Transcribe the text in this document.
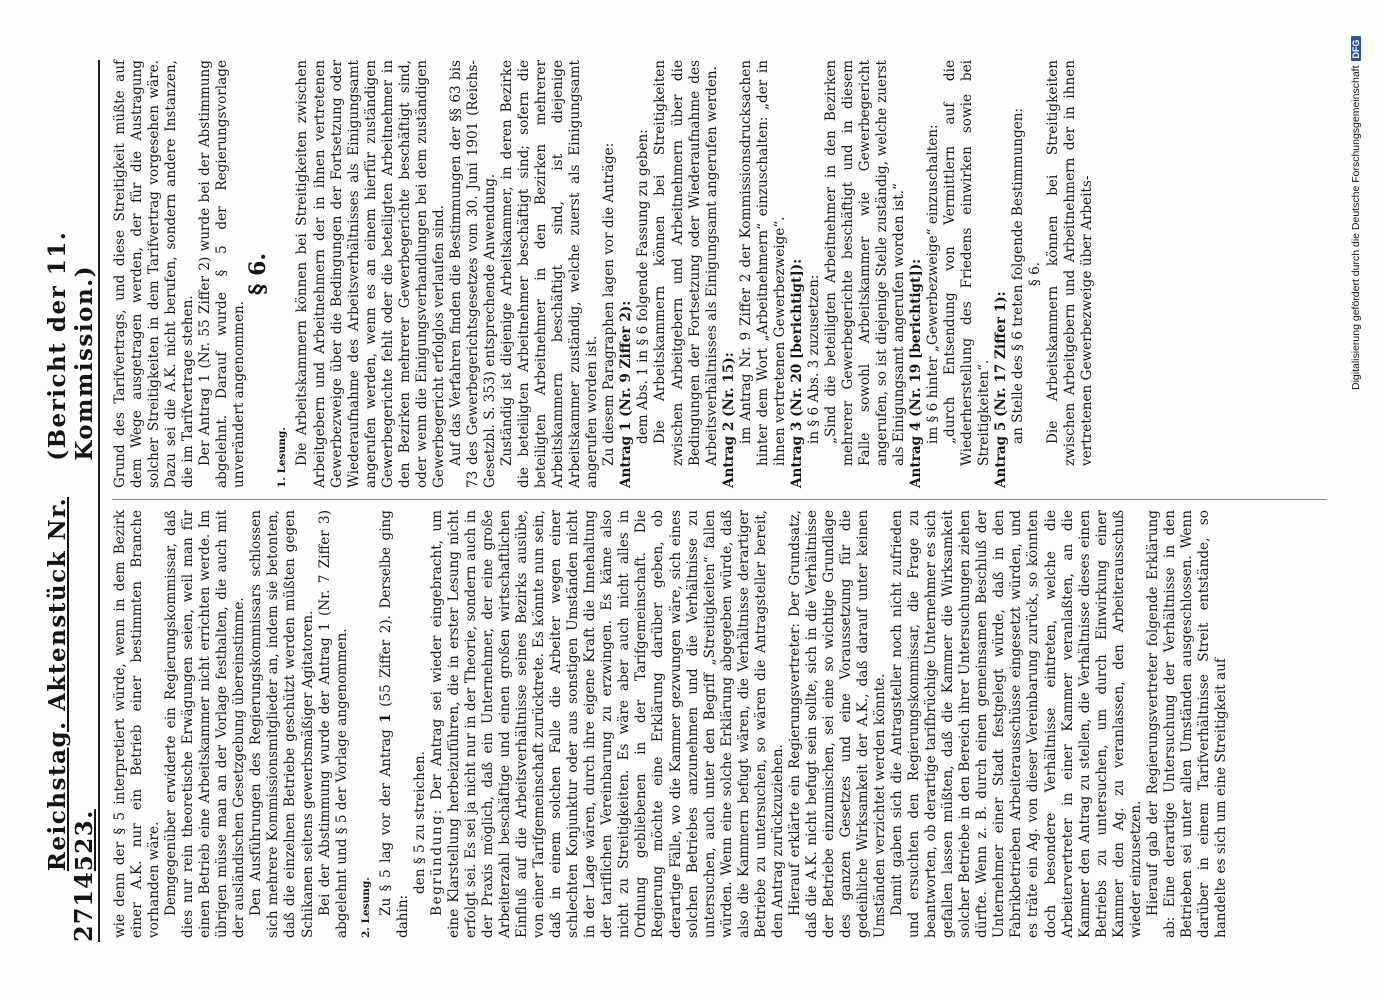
2714
Reichstag. Aktenstück Nr. 523.
(Bericht der 11. Kommission.)

wie denn der § 5 interpretiert würde, wenn in dem Bezirk einer A.K. nur ein Betrieb einer bestimmten Branche vorhanden wäre. Demgegenüber erwiderte ein Regierungskommissar, daß dies nur rein theoretische Erwägungen seien, weil man für einen Betrieb eine Arbeitskammer nicht errichten werde. Im übrigen müsse man an der Vorlage festhalten, die auch mit der ausländischen Gesetzgebung übereinstimme. Den Ausführungen des Regierungskommissars schlossen sich mehrere Kommissionsmitglieder an, indem sie betonten, daß die einzelnen Betriebe geschützt werden müßten gegen Schikanen seitens gewerbsmäßiger Agitatoren. Bei der Abstimmung wurde der Antrag 1 (Nr. 7 Ziffer 3) abgelehnt und § 5 der Vorlage angenommen. 2. Lesung. Zu § 5 lag vor der Antrag 1 (55 Ziffer 2). Derselbe ging dahin:

den § 5 zu streichen. Begründung: Der Antrag sei wieder eingebracht, um eine Klarstellung herbeizuführen, die in erster Lesung nicht erfolgt sei. Es sei ja nicht nur in der Theorie, sondern auch in der Praxis möglich, daß ein Unternehmer, der eine große Arbeiterzahl beschäftige und einen großen wirtschaftlichen Einfluß auf die Arbeitsverhältnisse seines Bezirks ausübe, von einer Tarifgemeinschaft zurücktrete. Es könnte nun sein, daß in einem solchen Falle die Arbeiter wegen einer schlechten Konjunktur oder aus sonstigen Umständen nicht in der Lage wären, durch ihre eigene Kraft die Innehaltung der tariflichen Vereinbarung zu erzwingen. Es käme also nicht zu Streitigkeiten. Es wäre aber auch nicht alles in Ordnung gebliebenen in der Tarifgemeinschaft. Die Regierung möchte eine Erklärung darüber geben, ob derartige Fälle, wo die Kammer gezwungen wäre, sich eines solchen Betriebes anzunehmen und die Verhältnisse zu untersuchen, auch unter den Begriff „Streitigkeiten“ fallen würden. Wenn eine solche Erklärung abgegeben würde, daß also die Kammern befugt wären, die Verhältnisse derartiger Betriebe zu untersuchen, so wären die Antragsteller bereit, den Antrag zurückzuziehen. Hierauf erklärte ein Regierungsvertreter: Der Grundsatz, daß die A.K. nicht befugt sein sollte, sich in die Verhältnisse der Betriebe einzumischen, sei eine so wichtige Grundlage des ganzen Gesetzes und eine Voraussetzung für die gedeihliche Wirksamkeit der A.K., daß darauf unter keinen Umständen verzichtet werden könnte. Damit gaben sich die Antragsteller noch nicht zufrieden und ersuchten den Regierungskommissar, die Frage zu beantworten, ob derartige tarifbrüchige Unternehmer es sich gefallen lassen müßten, daß die Kammer die Wirksamkeit solcher Betriebe in den Bereich ihrer Untersuchungen ziehen dürfte. Wenn z. B. durch einen gemeinsamen Beschluß der Unternehmer einer Stadt festgelegt würde, daß in den Fabrikbetrieben Arbeiterausschüsse eingesetzt würden, und es träte ein Ag. von dieser Vereinbarung zurück, so könnten doch besondere Verhältnisse eintreten, welche die Arbeitervertreter in einer Kammer veranlaßten, an die Kammer den Antrag zu stellen, die Verhältnisse dieses einen Betriebs zu untersuchen, um durch Einwirkung einer Kammer den Ag. zu veranlassen, den Arbeiterausschuß wieder einzusetzen. Hierauf gab der Regierungsvertreter folgende Erklärung ab: Eine derartige Untersuchung der Verhältnisse in den Betrieben sei unter allen Umständen ausgeschlossen. Wenn darüber in einem Tarifverhältnisse Streit entstände, so handelte es sich um eine Streitigkeit auf

Grund des Tarifvertrags, und diese Streitigkeit müßte auf dem Wege ausgetragen werden, der für die Austragung solcher Streitigkeiten in dem Tarifvertrag vorgesehen wäre. Dazu sei die A.K. nicht berufen, sondern andere Instanzen, die im Tarifvertrage stehen. Der Antrag 1 (Nr. 55 Ziffer 2) wurde bei der Abstimmung abgelehnt. Darauf wurde § 5 der Regierungsvorlage unverändert angenommen.

§ 6.

1. Lesung. Die Arbeitskammern können bei Streitigkeiten zwischen Arbeitgebern und Arbeitnehmern der in ihnen vertretenen Gewerbezweige über die Bedingungen der Fortsetzung oder Wiederaufnahme des Arbeitsverhältnisses als Einigungsamt angerufen werden, wenn es an einem hierfür zuständigen Gewerbegerichte fehlt oder die beteiligten Arbeitnehmer in den Bezirken mehrerer Gewerbegerichte beschäftigt sind, oder wenn die Einigungsverhandlungen bei dem zuständigen Gewerbegericht erfolglos verlaufen sind. Auf das Verfahren finden die Bestimmungen der §§ 63 bis 73 des Gewerbegerichtsgesetzes vom 30. Juni 1901 (Reichs-Gesetzbl. S. 353) entsprechende Anwendung. Zuständig ist diejenige Arbeitskammer, in deren Bezirke die beteiligten Arbeitnehmer beschäftigt sind; sofern die beteiligten Arbeitnehmer in den Bezirken mehrerer Arbeitskammern beschäftigt sind, ist diejenige Arbeitskammer zuständig, welche zuerst als Einigungsamt angerufen worden ist. Zu diesem Paragraphen lagen vor die Anträge: Antrag 1 (Nr. 9 Ziffer 2): dem Abs. 1 in § 6 folgende Fassung zu geben: Die Arbeitskammern können bei Streitigkeiten zwischen Arbeitgebern und Arbeitnehmern über die Bedingungen der Fortsetzung oder Wiederaufnahme des Arbeitsverhältnisses als Einigungsamt angerufen werden. Antrag 2 (Nr. 15): im Antrag Nr. 9 Ziffer 2 der Kommissionsdrucksachen hinter dem Wort „Arbeitnehmern“ einzuschalten: „der in ihnen vertretenen Gewerbezweige“. Antrag 3 (Nr. 20 [berichtigt]): in § 6 Abs. 3 zuzusetzen: „Sind die beteiligten Arbeitnehmer in den Bezirken mehrerer Gewerbegerichte beschäftigt und in diesem Falle sowohl Arbeitskammer wie Gewerbegericht angerufen, so ist diejenige Stelle zuständig, welche zuerst als Einigungsamt angerufen worden ist.“ Antrag 4 (Nr. 19 [berichtigt]): im § 6 hinter „Gewerbezweige“ einzuschalten: „durch Entsendung von Vermittlern auf die Wiederherstellung des Friedens einwirken sowie bei Streitigkeiten“. Antrag 5 (Nr. 17 Ziffer 1): an Stelle des § 6 treten folgende Bestimmungen: § 6. Die Arbeitskammern können bei Streitigkeiten zwischen Arbeitgebern und Arbeitnehmern der in ihnen vertretenen Gewerbezweige über Arbeits-	Digitalisierung gefördert durch die Deutsche ForschungsgemeinschaftDFG
